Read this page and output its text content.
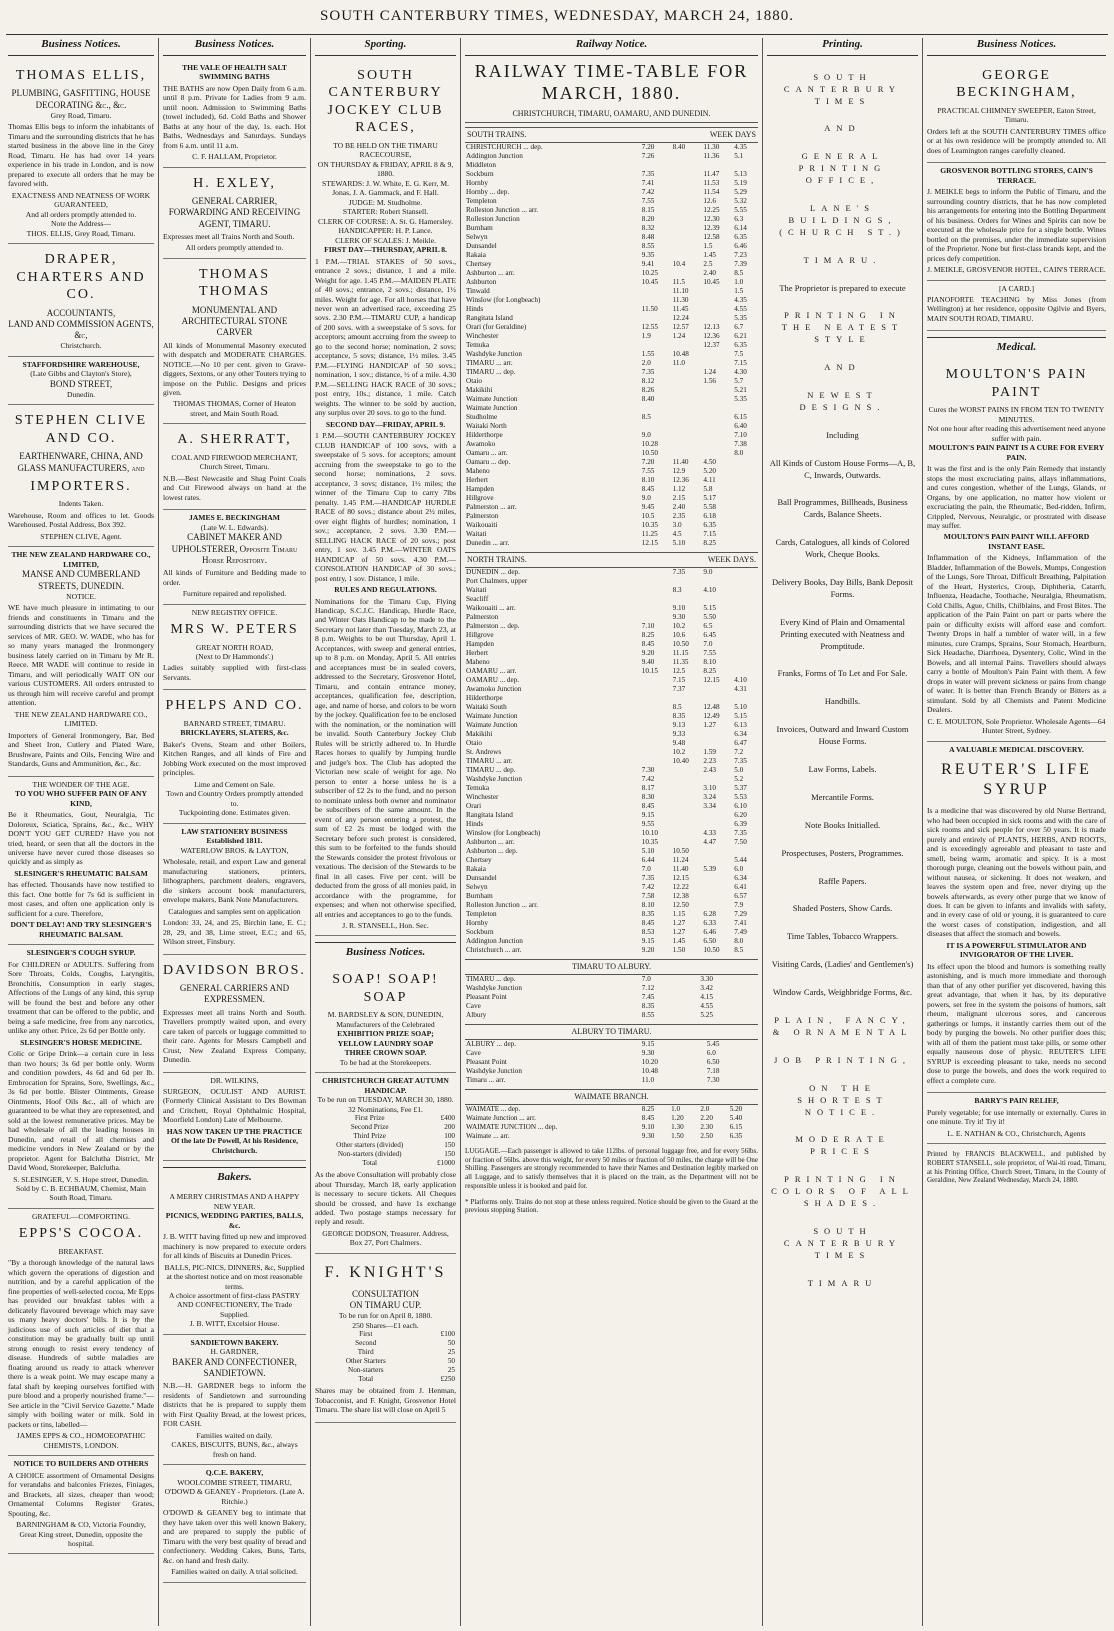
SOUTH CANTERBURY TIMES, WEDNESDAY, MARCH 24, 1880.
Business Notices.
THOMAS ELLIS,
PLUMBING, GASFITTING, HOUSE DECORATING &c., &c.
Grey Road, Timaru.

Thomas Ellis begs to inform the inhabitants of Timaru and the surrounding districts that he has started business in the above line in the Grey Road, Timaru. He has had over 14 years experience in his trade in London, and is now prepared to execute all orders that he may be favored with.

EXACTNESS AND NEATNESS OF WORK GUARANTEED,
And all orders promptly attended to.
Note the Address—
THOS. ELLIS, Grey Road, Timaru.
DRAPER, CHARTERS AND CO.
ACCOUNTANTS,
LAND AND COMMISSION AGENTS, &c,
Christchurch.
STAFFORDSHIRE WAREHOUSE,
(Late Gibbs and Clayton's Store),
BOND STREET,
Dunedin.
STEPHEN CLIVE AND CO.
EARTHENWARE, CHINA, AND GLASS MANUFACTURERS, and
IMPORTERS.
Indents Taken.

Warehouse, Room and offices to let. Goods Warehoused. Postal Address, Box 392.

STEPHEN CLIVE, Agent.
THE NEW ZEALAND HARDWARE CO., LIMITED,
MANSE AND CUMBERLAND STREETS, DUNEDIN.
NOTICE.

WE have much pleasure in intimating to our friends and constituents in Timaru and the surrounding districts that we have secured the services of MR. GEO. W. WADE, who has for so many years managed the Ironmongery business lately carried on in Timaru by Mr R. Reece. MR WADE will continue to reside in Timaru, and will periodically WAIT ON our various CUSTOMERS. All orders entrusted to us through him will receive careful and prompt attention.

THE NEW ZEALAND HARDWARE CO., LIMITED.

Importers of General Ironmongery, Bar, Bed and Sheet Iron, Cutlery and Plated Ware, Brushware, Paints and Oils, Fencing Wire and Standards, Guns and Ammunition, &c., &c.

THE WONDER OF THE AGE.
TO YOU WHO SUFFER PAIN OF ANY KIND,

Be it Rheumatics, Gout, Neuralgia, Tic Doloreux, Sciatica, Sprains, &c., &c., WHY DON'T YOU GET CURED? Have you not tried, heard, or seen that all the doctors in the universe have never cured those diseases so quickly and as simply as

SLESINGER'S RHEUMATIC BALSAM

has effected. Thousands have now testified to this fact. One bottle for 7s 6d is sufficient in most cases, and often one application only is sufficient for a cure. Therefore,

DON'T DELAY! AND TRY SLESINGER'S RHEUMATIC BALSAM.
SLESINGER'S COUGH SYRUP.

For CHILDREN or ADULTS. Suffering from Sore Throats, Colds, Coughs, Laryngitis, Bronchitis, Consumption in early stages, Affections of the Lungs of any kind, this syrup will be found the best and before any other treatment that can be offered to the public, and being a safe medicine, free from any narcotics, unlike any other. Price, 2s 6d per Bottle only.

SLESINGER'S HORSE MEDICINE.

Colic or Gripe Drink—a certain cure in less than two hours; 3s 6d per bottle only. Worm and condition powders, 4s 6d and 6d per lb. Embrocation for Sprains, Sore, Swellings, &c., 3s 6d per bottle. Blister Ointments, Grease Ointments, Hoof Oils &c., all of which are guaranteed to be what they are represented, and sold at the lowest remunerative prices. May be had wholesale of all the leading houses in Dunedin, and retail of all chemists and medicine vendors in New Zealand or by the proprietor. Agent for Balclutha District, Mr David Wood, Storekeeper, Balclutha.

S. SLESINGER, V. S. Hope street, Dunedin.
Sold by C. B. ECHBAUM, Chemist, Main South Road, Timaru.
GRATEFUL—COMFORTING.
EPPS'S COCOA.
BREAKFAST.

"By a thorough knowledge of the natural laws which govern the operations of digestion and nutrition, and by a careful application of the fine properties of well-selected cocoa, Mr Epps has provided our breakfast tables with a delicately flavoured beverage which may save us many heavy doctors' bills. It is by the judicious use of such articles of diet that a constitution may be gradually built up until strong enough to resist every tendency of disease. Hundreds of subtle maladies are floating around us ready to attack wherever there is a weak point. We may escape many a fatal shaft by keeping ourselves fortified with pure blood and a properly nourished frame."—See article in the "Civil Service Gazette." Made simply with boiling water or milk. Sold in packets or tins, labelled—

JAMES EPPS & CO., HOMOEOPATHIC CHEMISTS, LONDON.
NOTICE TO BUILDERS AND OTHERS

A CHOICE assortment of Ornamental Designs for verandahs and balconies Friezes, Finiages, and Brackets, all sizes, cheaper than wood; Ornamental Columns Register Grates, Spouting, &c.

BARNINGHAM & CO, Victoria Foundry, Great King street, Dunedin, opposite the hospital.
Business Notices.
THE VALE OF HEALTH SALT SWIMMING BATHS

THE BATHS are now Open Daily from 6 a.m. until 8 p.m. Private for Ladies from 9 a.m. until noon. Admission to Swimming Baths (towel included), 6d. Cold Baths and Shower Baths at any hour of the day, 1s. each. Hot Baths, Wednesdays and Saturdays. Sundays from 6 a.m. until 11 a.m.

C. F. HALLAM, Proprietor.
H. EXLEY,
GENERAL CARRIER, FORWARDING AND RECEIVING AGENT, TIMARU.

Expresses meet all Trains North and South.

All orders promptly attended to.
THOMAS THOMAS
MONUMENTAL AND ARCHITECTURAL STONE CARVER

All kinds of Monumental Masonry executed with despatch and MODERATE CHARGES. NOTICE.—No 10 per cent. given to Grave-diggers, Sextons, or any other Touters trying to impose on the Public. Designs and prices given.

THOMAS THOMAS, Corner of Heaton street, and Main South Road.
A. SHERRATT,
COAL AND FIREWOOD MERCHANT,
Church Street, Timaru.

N.B.—Best Newcastle and Shag Point Coals and Cut Firewood always on hand at the lowest rates.

JAMES E. BECKINGHAM
(Late W. L. Edwards).
CABINET MAKER AND UPHOLSTERER, Opposite Timaru Horse Repository.

All kinds of Furniture and Bedding made to order.

Furniture repaired and repolished.
NEW REGISTRY OFFICE.
MRS W. PETERS
GREAT NORTH ROAD,
(Next to Dr Hammonds'.)

Ladies suitably supplied with first-class Servants.

PHELPS AND CO.
BARNARD STREET, TIMARU.
BRICKLAYERS, SLATERS, &c.

Baker's Ovens, Steam and other Boilers, Kitchen Ranges, and all kinds of Fire and Jobbing Work executed on the most improved principles.

Lime and Cement on Sale.
Town and Country Orders promptly attended to.
Tuckpointing done. Estimates given.
LAW STATIONERY BUSINESS Established 1811.
WATERLOW BROS. & LAYTON,

Wholesale, retail, and export Law and general manufacturing stationers, printers, lithographers, parchment dealers, engravers, die sinkers account book manufacturers, envelope makers, Bank Note Manufacturers.

Catalogues and samples sent on application

London: 33, 24, and 25, Birchin lane, E. C.; 28, 29, and 38, Lime street, E.C.; and 65, Wilson street, Finsbury.

DAVIDSON BROS.
GENERAL CARRIERS AND EXPRESSMEN.

Expresses meet all trains North and South. Travellers promptly waited upon, and every care taken of parcels or luggage committed to their care. Agents for Messrs Campbell and Crust, New Zealand Express Company, Dunedin.

DR. WILKINS,

SURGEON, OCULIST AND AURIST. (Formerly Clinical Assistant to Drs Bowman and Critchett, Royal Ophthalmic Hospital, Moorfield London) Late of Melbourne.

HAS NOW TAKEN UP THE PRACTICE Of the late Dr Powell, At his Residence, Christchurch.
Bakers.
A MERRY CHRISTMAS AND A HAPPY NEW YEAR.
PICNICS, WEDDING PARTIES, BALLS, &c.

J. B. WITT having fitted up new and improved machinery is now prepared to execute orders for all kinds of Biscuits at Dunedin Prices.

BALLS, PIC-NICS, DINNERS, &c, Supplied at the shortest notice and on most reasonable terms.
A choice assortment of first-class PASTRY AND CONFECTIONERY, The Trade Supplied.
J. B. WITT, Excelsior House.
SANDIETOWN BAKERY.
H. GARDNER,
BAKER AND CONFECTIONER, SANDIETOWN.

N.B.—H. GARDNER begs to inform the residents of Sandietown and surrounding districts that he is prepared to supply them with First Quality Bread, at the lowest prices, FOR CASH.

Families waited on daily.
CAKES, BISCUITS, BUNS, &c., always fresh on hand.
Q.C.E. BAKERY,
WOOLCOMBE STREET, TIMARU,
O'DOWD & GEANEY - Proprietors. (Late A. Ritchie.)

O'DOWD & GEANEY beg to intimate that they have taken over this well known Bakery, and are prepared to supply the public of Timaru with the very best quality of bread and confectionery. Wedding Cakes, Buns, Tarts, &c. on hand and fresh daily.

Families waited on daily. A trial solicited.
Sporting.
SOUTH CANTERBURY JOCKEY CLUB RACES,
TO BE HELD ON THE TIMARU RACECOURSE,
ON THURSDAY & FRIDAY, APRIL 8 & 9, 1880.
STEWARDS: J. W. White, E. G. Kerr, M. Jonas, J. A. Gammack, and F. Hall.
JUDGE: M. Studholme.
STARTER: Robert Stansell.
CLERK OF COURSE: A. St. G. Hamersley.
HANDICAPPER: H. P. Lance.
CLERK OF SCALES: J. Meikle.
FIRST DAY—THURSDAY, APRIL 8.

1 P.M.—TRIAL STAKES of 50 sovs., entrance 2 sovs.; distance, 1 and a mile. Weight for age. 1.45 P.M.—MAIDEN PLATE of 40 sovs.; entrance, 2 sovs.; distance, 1½ miles. Weight for age. For all horses that have never won an advertised race, exceeding 25 sovs. 2.30 P.M.—TIMARU CUP, a handicap of 200 sovs. with a sweepstake of 5 sovs. for acceptors; amount accruing from the sweep to go to the second horse; nomination, 2 sovs; acceptance, 5 sovs; distance, 1½ miles. 3.45 P.M.—FLYING HANDICAP of 50 sovs.; nomination, 1 sov.; distance, ½ of a mile. 4.30 P.M.—SELLING HACK RACE of 30 sovs.; post entry, 10s.; distance, 1 mile. Catch weights. The winner to be sold by auction, any surplus over 20 sovs. to go to the fund.

SECOND DAY—FRIDAY, APRIL 9.

1 P.M.—SOUTH CANTERBURY JOCKEY CLUB HANDICAP of 100 sovs, with a sweepstake of 5 sovs. for acceptors; amount accruing from the sweepstake to go to the second horse; nominations, 2 sovs. acceptance, 3 sovs; distance, 1½ miles; the winner of the Timaru Cup to carry 7lbs penalty. 1.45 P.M.—HANDICAP HURDLE RACE of 80 sovs.; distance about 2½ miles, over eight flights of hurdles; nomination, 1 sov.; acceptance, 2 sovs. 3.30 P.M.—SELLING HACK RACE of 20 sovs.; post entry, 1 sov. 3.45 P.M.—WINTER OATS HANDICAP of 50 sovs. 4.30 P.M.—CONSOLATION HANDICAP of 30 sovs.; post entry, 1 sov. Distance, 1 mile.

RULES AND REGULATIONS.

Nominations for the Timaru Cup, Flying Handicap, S.C.J.C. Handicap, Hurdle Race, and Winter Oats Handicap to be made to the Secretary not later than Tuesday, March 23, at 8 p.m. Weights to be out Thursday, April 1. Acceptances, with sweep and general entries, up to 8 p.m. on Monday, April 5. All entries and acceptances must be in sealed covers, addressed to the Secretary, Grosvenor Hotel, Timaru, and contain entrance money, acceptances, qualification fee, description, age, and name of horse, and colors to be worn by the jockey. Qualification fee to be enclosed with the nomination, or the nomination will be invalid. South Canterbury Jockey Club Rules will be strictly adhered to. In Hurdle Races horses to qualify by Jumping hurdle and judge's box. The Club has adopted the Victorian new scale of weight for age. No person to enter a horse unless he is a subscriber of £2 2s to the fund, and no person to nominate unless both owner and nominator be subscribers of the same amount. In the event of any person entering a protest, the sum of £2 2s must be lodged with the Secretary before such protest is considered, this sum to be forfeited to the funds should the Stewards consider the protest frivolous or vexatious. The decision of the Stewards to be final in all cases. Five per cent. will be deducted from the gross of all monies paid, in accordance with the programme, for expenses; and when not otherwise specified, all entries and acceptances to go to the funds.

J. R. STANSELL, Hon. Sec.
Business Notices.
SOAP! SOAP! SOAP
M. BARDSLEY & SON, DUNEDIN,
Manufacturers of the Celebrated
EXHIBITION PRIZE SOAP;
YELLOW LAUNDRY SOAP
THREE CROWN SOAP.
To be had at the Storekeepers.
CHRISTCHURCH GREAT AUTUMN HANDICAP.
To be run on TUESDAY, MARCH 30, 1880.
32 Nominations, Fee £1.
First Prize	£400
Second Prize	200
Third Prize	100
Other starters (divided)	150
Non-starters (divided)	150
Total	£1000

As the above Consultation will probably close about Thursday, March 18, early application is necessary to secure tickets. All Cheques should be crossed, and have 1s exchange added. Two postage stamps necessary for reply and result.

GEORGE DODSON, Treasurer. Address, Box 27, Port Chalmers.
F. KNIGHT'S
CONSULTATION
ON TIMARU CUP.
To be run for on April 8, 1880.
250 Shares—£1 each.
First	£100
Second	50
Third	25
Other Starters	50
Non-starters	25
Total	£250

Shares may be obtained from J. Henman, Tobacconist, and F. Knight, Grosvenor Hotel Timaru. The share list will close on April 5

Railway Notice.
RAILWAY TIME-TABLE FOR MARCH, 1880.
CHRISTCHURCH, TIMARU, OAMARU, AND DUNEDIN.
SOUTH TRAINS.	WEEK DAYS
CHRISTCHURCH ... dep.	7.20	8.40	11.30	4.35
Addington Junction	7.26		11.36	5.1
Middleton				
Sockburn	7.35		11.47	5.13
Hornby	7.41		11.53	5.19
Hornby ... dep.	7.42		11.54	5.29
Templeton	7.55		12.6	5.32
Rolleston Junction ... arr.	8.15		12.25	5.55
Rolleston Junction	8.20		12.30	6.3
Burnham	8.32		12.39	6.14
Selwyn	8.48		12.58	6.35
Dunsandel	8.55		1.5	6.46
Rakaia	9.35		1.45	7.23
Chertsey	9.41	10.4	2.5	7.39
Ashburton ... arr.	10.25		2.40	8.5
Ashburton	10.45	11.5	10.45	1.0
Tinwald		11.10		1.5
Winslow (for Longbeach)		11.30		4.35
Hinds	11.50	11.45		4.55
Rangitata Island		12.24		5.35
Orari (for Geraldine)	12.55	12.57	12.13	6.7
Winchester	1.9	1.24	12.36	6.21
Temuka			12.37	6.35
Washdyke Junction	1.55	10.48		7.5
TIMARU ... arr.	2.0	11.0		7.15
TIMARU ... dep.	7.35		1.24	4.30
Otaio	8.12		1.56	5.7
Makikihi	8.26			5.21
Waimate Junction	8.40			5.35
Waimate Junction				
Studholme	8.5			6.15
Waitaki North				6.40
Hilderthorpe	9.0			7.10
Awamoko	10.28			7.38
Oamaru ... arr.	10.50			8.0
Oamaru ... dep.	7.20	11.40	4.50	
Maheno	7.55	12.9	5.20	
Herbert	8.10	12.36	4.11	
Hampden	8.45	1.12	5.8	
Hillgrove	9.0	2.15	5.17	
Palmerston ... arr.	9.45	2.40	5.58	
Palmerston	10.5	2.35	6.18	
Waikouaiti	10.35	3.0	6.35	
Waitati	11.25	4.5	7.15	
Dunedin ... arr.	12.15	5.10	8.25	
NORTH TRAINS.	WEEK DAYS.
DUNEDIN ... dep.		7.35	9.0	
Port Chalmers, upper				
Waitati		8.3	4.10	
Seacliff				
Waikouaiti ... arr.		9.10	5.15	
Palmerston		9.30	5.50	
Palmerston ... dep.	7.10	10.2	6.5	
Hillgrove	8.25	10.6	6.45	
Hampden	8.45	10.50	7.0	
Herbert	9.20	11.15	7.55	
Maheno	9.40	11.35	8.10	
OAMARU ... arr.	10.15	12.5	8.25	
OAMARU ... dep.		7.15	12.15	4.10
Awamoko Junction		7.37		4.31
Hilderthorpe				
Waitaki South		8.5	12.48	5.10
Waimate Junction		8.35	12.49	5.15
Waimate Junction		9.13	1.27	6.13
Makikihi		9.33		6.34
Otaio		9.48		6.47
St. Andrews		10.2	1.59	7.2
TIMARU ... arr.		10.40	2.23	7.35
TIMARU ... dep.	7.30		2.43	5.0
Washdyke Junction	7.42			5.2
Temuka	8.17		3.10	5.37
Winchester	8.30		3.24	5.53
Orari	8.45		3.34	6.10
Rangitata Island	9.15			6.20
Hinds	9.55			6.39
Winslow (for Longbeach)	10.10		4.33	7.35
Ashburton ... arr.	10.35		4.47	7.50
Ashburton ... dep.	5.10	10.50		
Chertsey	6.44	11.24		5.44
Rakaia	7.0	11.40	5.39	6.0
Dunsandel	7.35	12.15		6.34
Selwyn	7.42	12.22		6.41
Burnham	7.58	12.38		6.57
Rolleston Junction ... arr.	8.10	12.50		7.9
Templeton	8.35	1.15	6.28	7.29
Hornby	8.45	1.27	6.33	7.41
Sockburn	8.53	1.27	6.46	7.49
Addington Junction	9.15	1.45	6.50	8.0
Christchurch ... arr.	9.20	1.50	10.50	8.5
TIMARU TO ALBURY.
TIMARU ... dep.	7.0	3.30
Washdyke Junction	7.12	3.42
Pleasant Point	7.45	4.15
Cave	8.35	4.55
Albury	8.55	5.25
ALBURY TO TIMARU.
ALBURY ... dep.	9.15	5.45
Cave	9.30	6.0
Pleasant Point	10.20	6.50
Washdyke Junction	10.48	7.18
Timaru ... arr.	11.0	7.30
WAIMATE BRANCH.
WAIMATE ... dep.	8.25	1.0	2.0	5.20
Waimate Junction ... arr.	8.45	1.20	2.20	5.40
WAIMATE JUNCTION ... dep.	9.10	1.30	2.30	6.15
Waimate ... arr.	9.30	1.50	2.50	6.35

LUGGAGE.—Each passenger is allowed to take 112lbs. of personal luggage free, and for every 56lbs. or fraction of 56lbs. above this weight, for every 50 miles or fraction of 50 miles, the charge will be One Shilling. Passengers are strongly recommended to have their Names and Destination legibly marked on all Luggage, and to satisfy themselves that it is placed on the train, as the Department will not be responsible unless it is booked and paid for.

* Platforms only. Trains do not stop at these unless required. Notice should be given to the Guard at the previous stopping Station.

Printing.
SOUTH CANTERBURY TIMES
AND
GENERAL PRINTING OFFICE,
LANE'S BUILDINGS, (CHURCH ST.)
TIMARU.
The Proprietor is prepared to execute
PRINTING IN THE NEATEST STYLE
AND
NEWEST DESIGNS.
Including
All Kinds of Custom House Forms—A, B, C, Inwards, Outwards.
Ball Programmes, Billheads, Business Cards, Balance Sheets.
Cards, Catalogues, all kinds of Colored Work, Cheque Books.
Delivery Books, Day Bills, Bank Deposit Forms.
Every Kind of Plain and Ornamental Printing executed with Neatness and Promptitude.
Franks, Forms of To Let and For Sale.
Handbills.
Invoices, Outward and Inward Custom House Forms.
Law Forms, Labels.
Mercantile Forms.
Note Books Initialled.
Prospectuses, Posters, Programmes.
Raffle Papers.
Shaded Posters, Show Cards.
Time Tables, Tobacco Wrappers.
Visiting Cards, (Ladies' and Gentlemen's)
Window Cards, Weighbridge Forms, &c.
PLAIN, FANCY, & ORNAMENTAL
JOB PRINTING,
ON THE SHORTEST NOTICE.
MODERATE PRICES
PRINTING IN COLORS OF ALL SHADES.
SOUTH CANTERBURY TIMES
TIMARU
Business Notices.
GEORGE BECKINGHAM,
PRACTICAL CHIMNEY SWEEPER, Eaton Street, Timaru.

Orders left at the SOUTH CANTERBURY TIMES office or at his own residence will be promptly attended to. All does of Leamington ranges carefully cleaned.

GROSVENOR BOTTLING STORES, CAIN'S TERRACE.

J. MEIKLE begs to inform the Public of Timaru, and the surrounding country districts, that he has now completed his arrangements for entering into the Bottling Department of his business. Orders for Wines and Spirits can now be executed at the wholesale price for a single bottle. Wines bottled on the premises, under the immediate supervision of the Proprietor. None but first-class brands kept, and the prices defy competition.

J. MEIKLE, GROSVENOR HOTEL, CAIN'S TERRACE.
[A CARD.]

PIANOFORTE TEACHING by Miss Jones (from Wellington) at her residence, opposite Ogilvie and Byers, MAIN SOUTH ROAD, TIMARU.

Medical.
MOULTON'S PAIN PAINT
Cures the WORST PAINS IN FROM TEN TO TWENTY MINUTES.
Not one hour after reading this advertisement need anyone suffer with pain.
MOULTON'S PAIN PAINT IS A CURE FOR EVERY PAIN.

It was the first and is the only Pain Remedy that instantly stops the most excruciating pains, allays inflammations, and cures congestion, whether of the Lungs, Glands, or Organs, by one application, no matter how violent or excruciating the pain, the Rheumatic, Bed-ridden, Infirm, Crippled, Nervous, Neuralgic, or prostrated with disease may suffer.

MOULTON'S PAIN PAINT WILL AFFORD INSTANT EASE.

Inflammation of the Kidneys, Inflammation of the Bladder, Inflammation of the Bowels, Mumps, Congestion of the Lungs, Sore Throat, Difficult Breathing, Palpitation of the Heart, Hysterics, Croup, Diphtheria, Catarrh, Influenza, Headache, Toothache, Neuralgia, Rheumatism, Cold Chills, Ague, Chills, Chilblains, and Frost Bites. The application of the Pain Paint on part or parts where the pain or difficulty exists will afford ease and comfort. Twenty Drops in half a tumbler of water will, in a few minutes, cure Cramps, Sprains, Sour Stomach, Heartburn, Sick Headache, Diarrhoea, Dysentery, Colic, Wind in the Bowels, and all internal Pains. Travellers should always carry a bottle of Moulton's Pain Paint with them. A few drops in water will prevent sickness or pains from change of water. It is better than French Brandy or Bitters as a stimulant. Sold by all Chemists and Patent Medicine Dealers.

C. E. MOULTON, Sole Proprietor. Wholesale Agents—64 Hunter Street, Sydney.
A VALUABLE MEDICAL DISCOVERY.
REUTER'S LIFE SYRUP

Is a medicine that was discovered by old Nurse Bertrand, who had been occupied in sick rooms and with the care of sick rooms and sick people for over 50 years. It is made purely and entirely of PLANTS, HERBS, AND ROOTS, and is exceedingly agreeable and pleasant to taste and smell, being warm, aromatic and spicy. It is a most thorough purge, cleaning out the bowels without pain, and without nausea, or sickening. It does not weaken, and leaves the system open and free, never drying up the bowels afterwards, as every other purge that we know of does. It can be given to infants and invalids with safety, and in every case of old or young, it is guaranteed to cure the worst cases of constipation, indigestion, and all diseases that affect the stomach and bowels.

IT IS A POWERFUL STIMULATOR AND INVIGORATOR OF THE LIVER.

Its effect upon the blood and humors is something really astonishing, and is much more immediate and thorough than that of any other purifier yet discovered, having this great advantage, that when it has, by its depurative powers, set free in the system the poisons of humors, salt rheum, malignant ulcerous sores, and cancerous gatherings or lumps, it instantly carries them out of the body by purging the bowels. No other purifier does this; with all of them the patient must take pills, or some other equally nauseous dose of physic. REUTER'S LIFE SYRUP is exceeding pleasant to take, needs no second dose to purge the bowels, and does the work required to effect a complete cure.

BARRY'S PAIN RELIEF,

Purely vegetable; for use internally or externally. Cures in one minute. Try it! Try it!

L. E. NATHAN & CO., Christchurch, Agents

Printed by FRANCIS BLACKWELL, and published by ROBERT STANSELL, sole proprietor, of Wai-iti road, Timaru, at his Printing Office, Church Street, Timaru, in the County of Geraldine, New Zealand Wednesday, March 24, 1880.
